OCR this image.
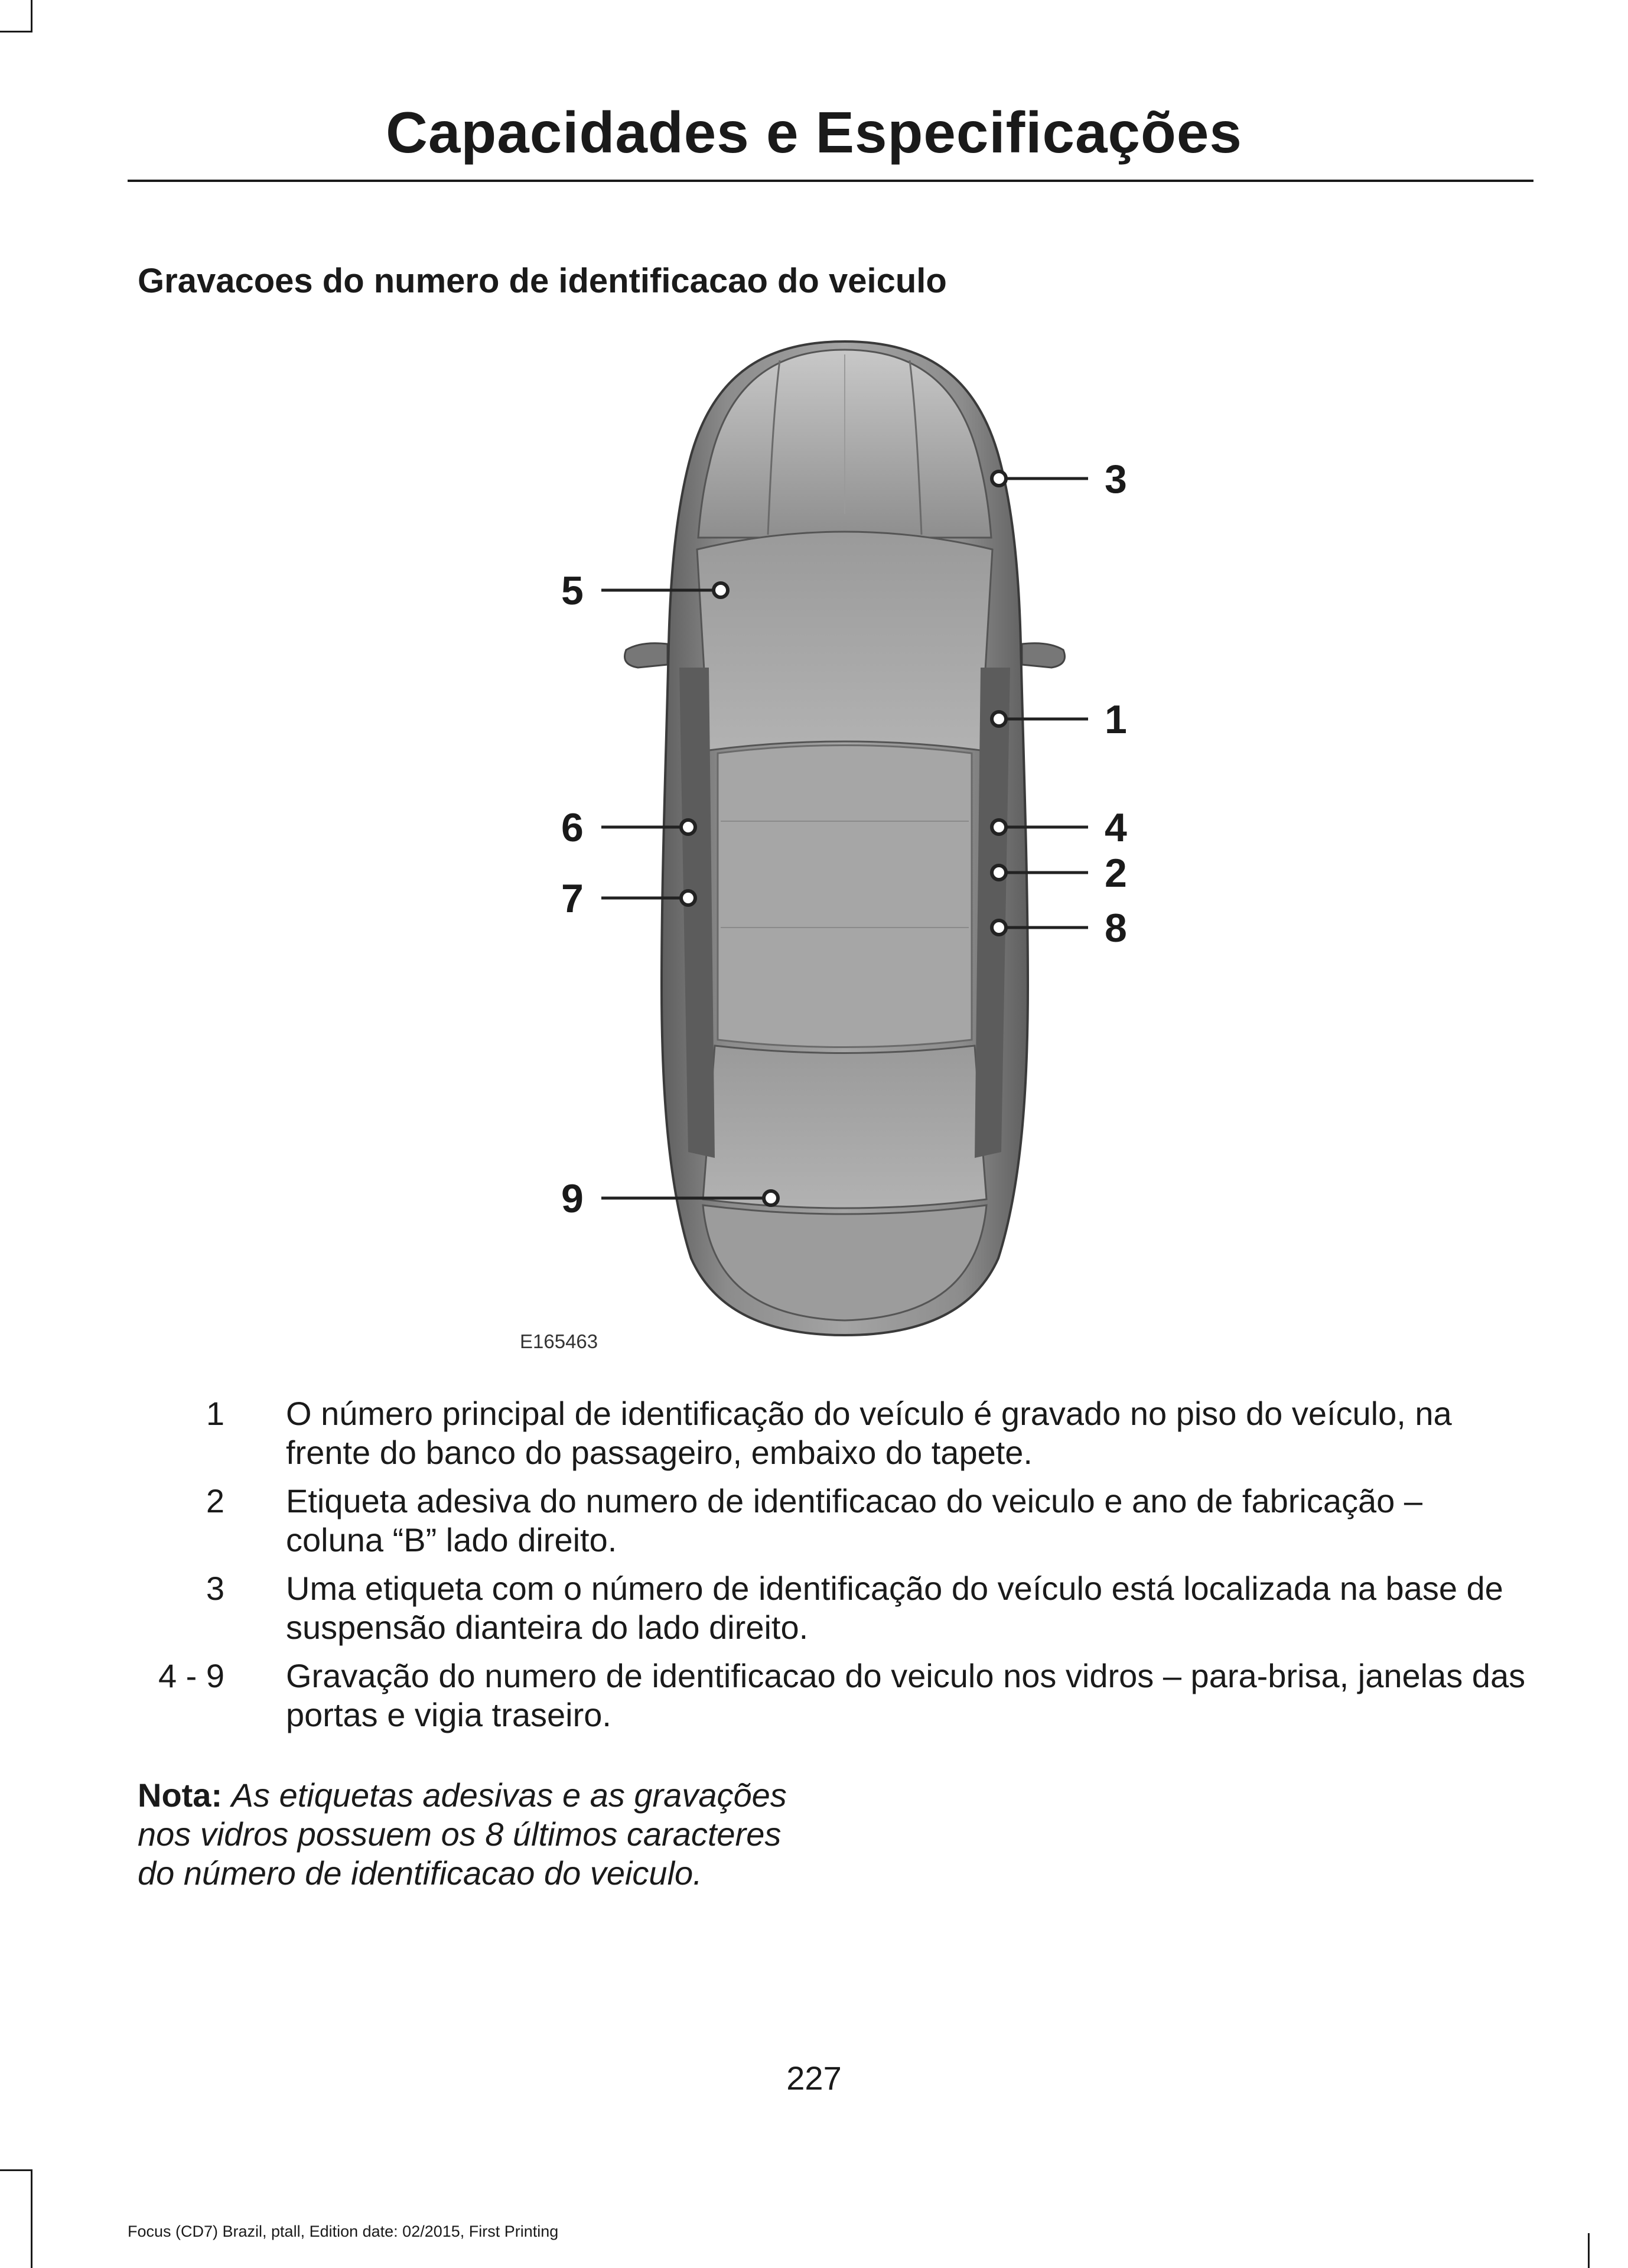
Capacidades e Especificações
Gravacoes do numero de identificacao do veiculo
3
5
1
6	4
2
7
8
9
E165463
1 O número principal de identificação do veículo é gravado no piso do veículo, na frente do banco do passageiro, embaixo do tapete.
2 Etiqueta adesiva do numero de identificacao do veiculo e ano de fabricação – coluna “B” lado direito.
3 Uma etiqueta com o número de identificação do veículo está localizada na base de suspensão dianteira do lado direito.
4 - 9 Gravação do numero de identificacao do veiculo nos vidros – para-brisa, janelas das portas e vigia traseiro.
Nota: As etiquetas adesivas e as gravações nos vidros possuem os 8 últimos caracteres do número de identificacao do veiculo.
227
Focus (CD7) Brazil, ptall, Edition date: 02/2015, First Printing
